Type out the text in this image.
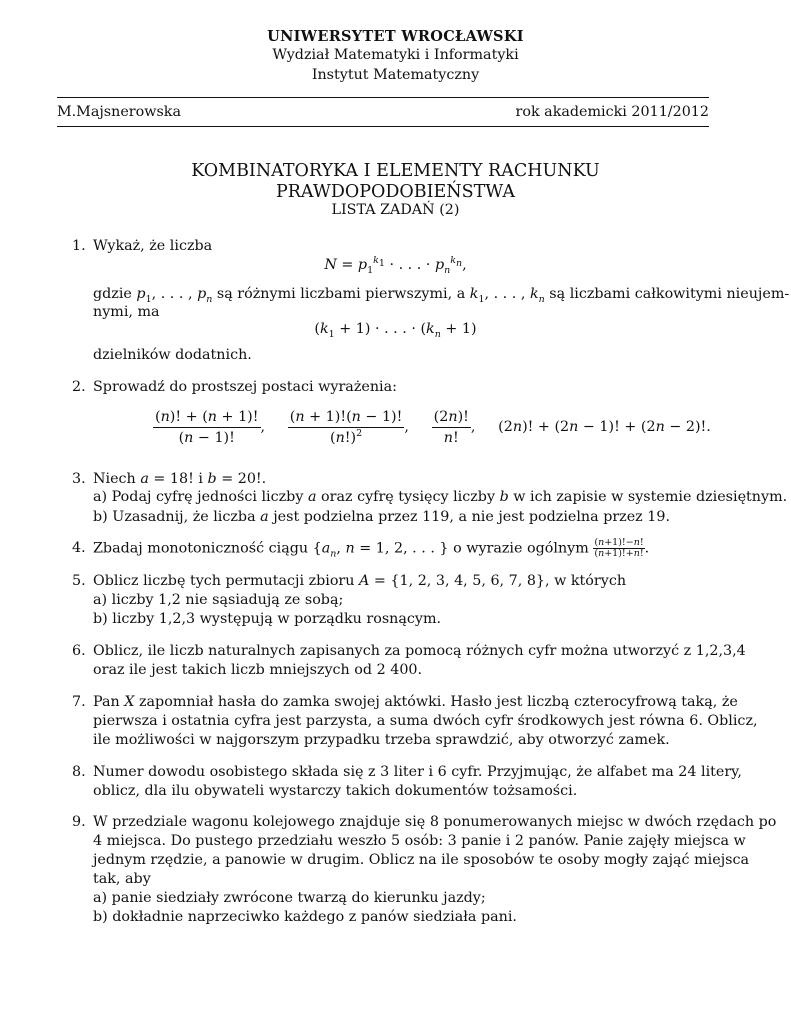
UNIWERSYTET WROCŁAWSKI
Wydział Matematyki i Informatyki
Instytut Matematyczny
M.Majsnerowska	rok akademicki 2011/2012
KOMBINATORYKA I ELEMENTY RACHUNKU
PRAWDOPODOBIEŃSTWA
LISTA ZADAŃ (2)
1. Wykaż, że liczba
$N = p_1^{k_1}$ · . . . · $p_n^{k_n}$,
gdzie $p_1$, . . . , $p_n$ są różnymi liczbami pierwszymi, a $k_1$, . . . , $k_n$ są liczbami całkowitymi nieujem-
nymi, ma
$(k_1 + 1)$ · . . . · $(k_n + 1)$
dzielników dodatnich.
2. Sprowadź do prostszej postaci wyrażenia:
$\frac{(n)! + (n + 1)!}{(n - 1)!}$ , $\frac{(n + 1)!(n - 1)!}{(n!)^2}$ , $\frac{(2n)!}{n!}$ ,     (2n)! + (2n − 1)! + (2n − 2)!.
3. Niech a = 18! i b = 20!.
a) Podaj cyfrę jedności liczby a oraz cyfrę tysięcy liczby b w ich zapisie w systemie dziesiętnym.
b) Uzasadnij, że liczba a jest podzielna przez 119, a nie jest podzielna przez 19.
4. Zbadaj monotoniczność ciągu {$a_n$, n = 1, 2, . . . } o wyrazie ogólnym $\frac{(n+1)!-n!}{(n+1)!+n!}$ .
5. Oblicz liczbę tych permutacji zbioru A = {1, 2, 3, 4, 5, 6, 7, 8}, w których
a) liczby 1,2 nie sąsiadują ze sobą;
b) liczby 1,2,3 występują w porządku rosnącym.
6. Oblicz, ile liczb naturalnych zapisanych za pomocą różnych cyfr można utworzyć z 1,2,3,4
oraz ile jest takich liczb mniejszych od 2 400.
7. Pan X zapomniał hasła do zamka swojej aktówki. Hasło jest liczbą czterocyfrową taką, że
pierwsza i ostatnia cyfra jest parzysta, a suma dwóch cyfr środkowych jest równa 6. Oblicz,
ile możliwości w najgorszym przypadku trzeba sprawdzić, aby otworzyć zamek.
8. Numer dowodu osobistego składa się z 3 liter i 6 cyfr. Przyjmując, że alfabet ma 24 litery,
oblicz, dla ilu obywateli wystarczy takich dokumentów tożsamości.
9. W przedziale wagonu kolejowego znajduje się 8 ponumerowanych miejsc w dwóch rzędach po
4 miejsca. Do pustego przedziału weszło 5 osób: 3 panie i 2 panów. Panie zajęły miejsca w
jednym rzędzie, a panowie w drugim. Oblicz na ile sposobów te osoby mogły zająć miejsca
tak, aby
a) panie siedziały zwrócone twarzą do kierunku jazdy;
b) dokładnie naprzeciwko każdego z panów siedziała pani.
